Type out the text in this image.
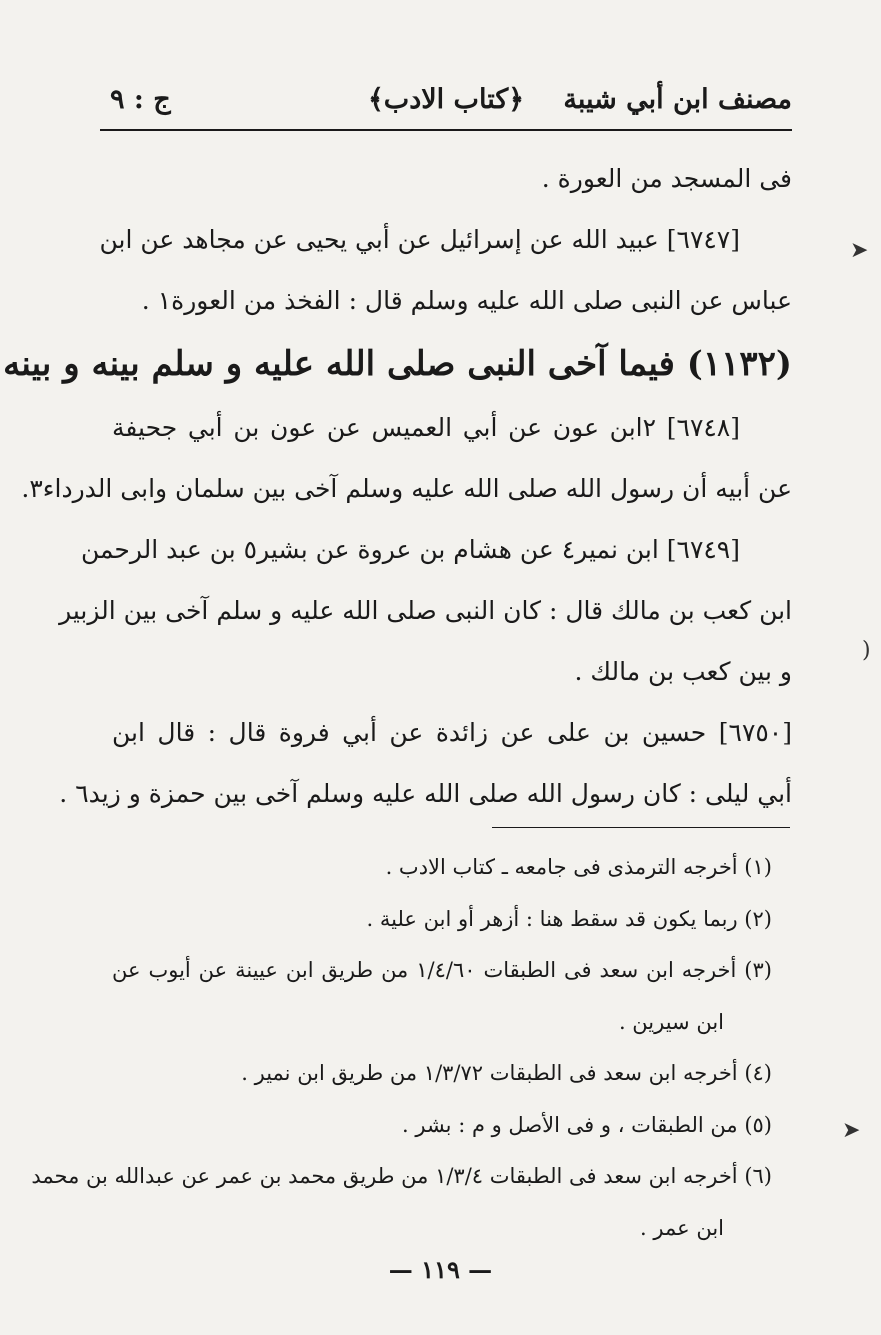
مصنف ابن أبي شيبة
﴿كتاب الادب﴾
ج : ٩
فى المسجد من العورة .
[٦٧٤٧] عبيد الله عن إسرائيل عن أبي يحيى عن مجاهد عن ابن
عباس عن النبى صلى الله عليه وسلم قال : الفخذ من العورة١ .
(١١٣٢) فيما آخى النبى صلى الله عليه و سلم بينه و بينه
[٦٧٤٨] ٢ابن عون عن أبي العميس عن عون بن أبي جحيفة
عن أبيه أن رسول الله صلى الله عليه وسلم آخى بين سلمان وابى الدرداء٣.
[٦٧٤٩] ابن نمير٤ عن هشام بن عروة عن بشير٥ بن عبد الرحمن
ابن كعب بن مالك قال : كان النبى صلى الله عليه و سلم آخى بين الزبير
و بين كعب بن مالك .
[٦٧٥٠] حسين بن على عن زائدة عن أبي فروة قال : قال ابن
أبي ليلى : كان رسول الله صلى الله عليه وسلم آخى بين حمزة و زيد٦ .
(١) أخرجه الترمذى فى جامعه ـ كتاب الادب .
(٢) ربما يكون قد سقط هنا : أزهر أو ابن علية .
(٣) أخرجه ابن سعد فى الطبقات ١/٤/٦٠ من طريق ابن عيينة عن أيوب عن
ابن سيرين .
(٤) أخرجه ابن سعد فى الطبقات ١/٣/٧٢ من طريق ابن نمير .
(٥) من الطبقات ، و فى الأصل و م : بشر .
(٦) أخرجه ابن سعد فى الطبقات ١/٣/٤ من طريق محمد بن عمر عن عبدالله بن محمد
ابن عمر .
— ١١٩ —
➤
)
➤
